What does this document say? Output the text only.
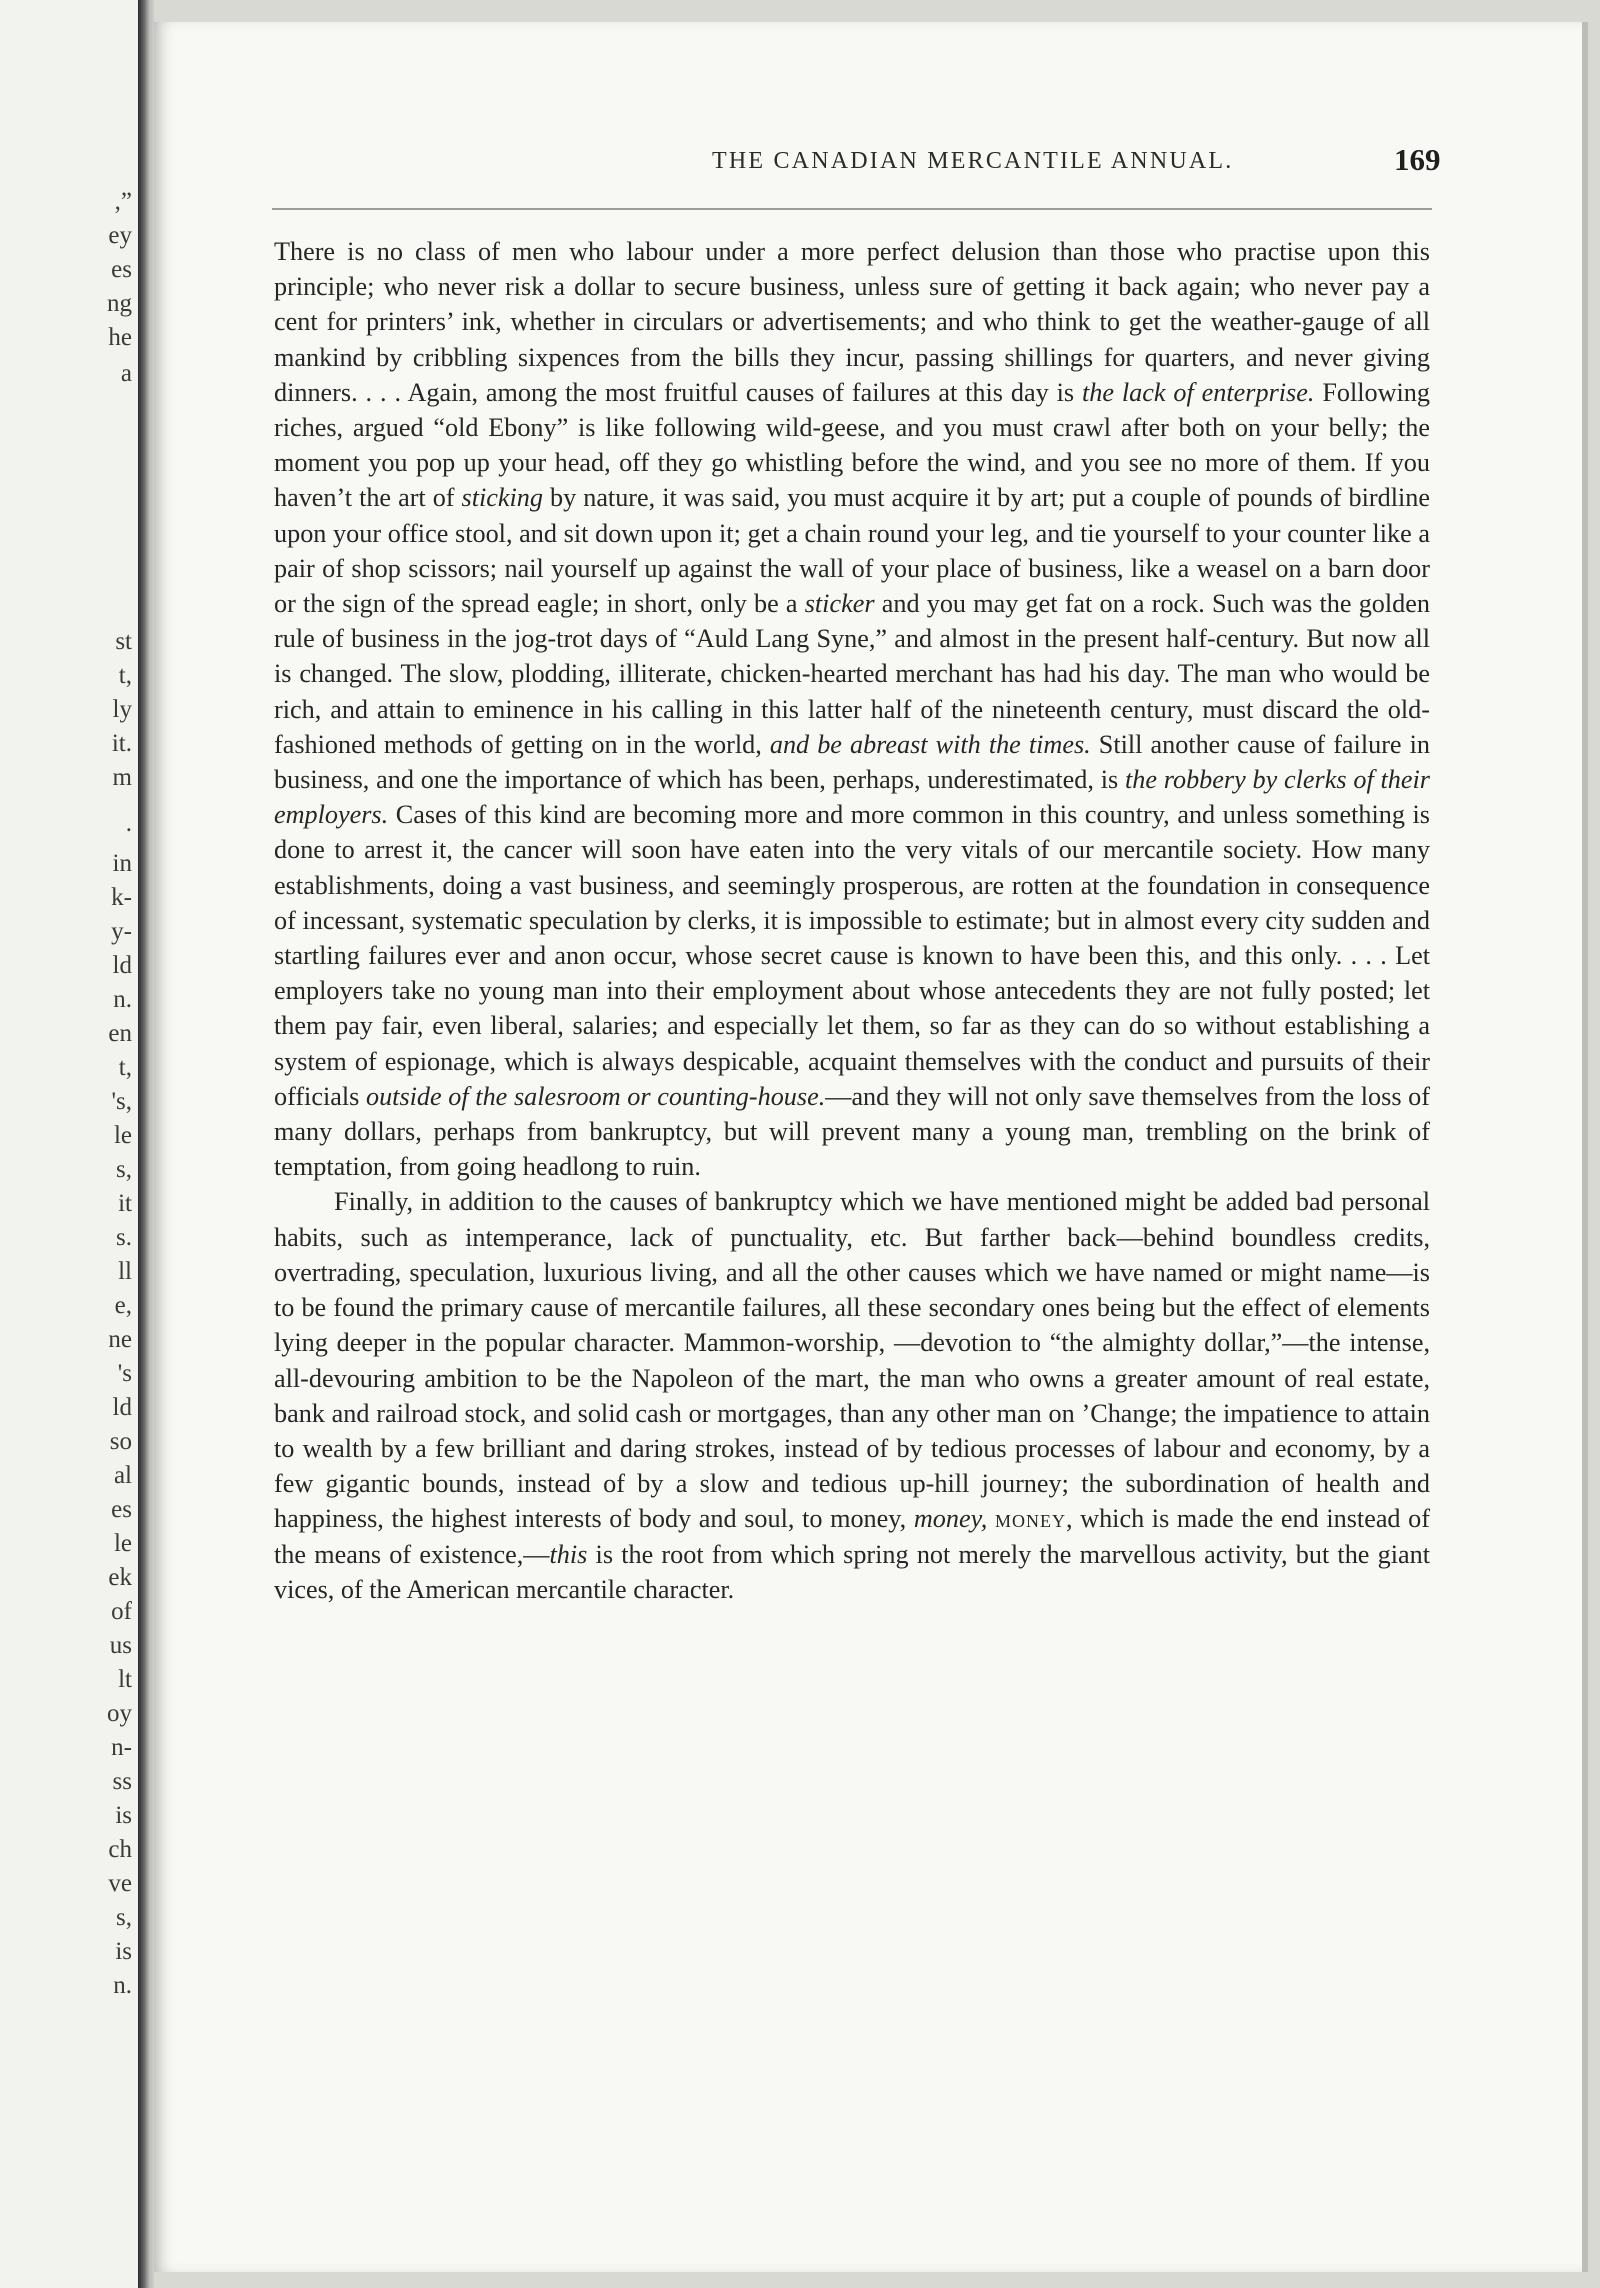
,”
ey
es
ng
he
a
st
t,
ly
it.
m
.
in
k-
y-
ld
n.
en
t,
's,
le
s,
it
s.
ll
e,
ne
's
ld
so
al
es
le
ek
of
us
lt
oy
n-
ss
is
ch
ve
s,
is
n.
THE CANADIAN MERCANTILE ANNUAL.	169

There is no class of men who labour under a more perfect delusion than those who practise upon this principle; who never risk a dollar to secure business, unless sure of getting it back again; who never pay a cent for printers’ ink, whether in circulars or advertisements; and who think to get the weather-gauge of all mankind by cribbling sixpences from the bills they incur, passing shillings for quarters, and never giving dinners. . . . Again, among the most fruitful causes of failures at this day is the lack of enterprise. Following riches, argued “old Ebony” is like following wild-geese, and you must crawl after both on your belly; the moment you pop up your head, off they go whistling before the wind, and you see no more of them. If you haven’t the art of sticking by nature, it was said, you must acquire it by art; put a couple of pounds of birdline upon your office stool, and sit down upon it; get a chain round your leg, and tie yourself to your counter like a pair of shop scissors; nail yourself up against the wall of your place of business, like a weasel on a barn door or the sign of the spread eagle; in short, only be a sticker and you may get fat on a rock. Such was the golden rule of business in the jog-trot days of “Auld Lang Syne,” and almost in the present half-century. But now all is changed. The slow, plodding, illiterate, chicken-hearted merchant has had his day. The man who would be rich, and attain to eminence in his calling in this latter half of the nineteenth century, must discard the old-fashioned methods of getting on in the world, and be abreast with the times. Still another cause of failure in business, and one the importance of which has been, perhaps, underestimated, is the robbery by clerks of their employers. Cases of this kind are becoming more and more common in this country, and unless something is done to arrest it, the cancer will soon have eaten into the very vitals of our mercantile society. How many establishments, doing a vast business, and seemingly prosperous, are rotten at the foundation in consequence of incessant, systematic speculation by clerks, it is impossible to estimate; but in almost every city sudden and startling failures ever and anon occur, whose secret cause is known to have been this, and this only. . . . Let employers take no young man into their employment about whose antecedents they are not fully posted; let them pay fair, even liberal, salaries; and especially let them, so far as they can do so without establishing a system of espionage, which is always despicable, acquaint themselves with the conduct and pursuits of their officials outside of the salesroom or counting-house.—and they will not only save themselves from the loss of many dollars, perhaps from bankruptcy, but will prevent many a young man, trembling on the brink of temptation, from going headlong to ruin.

Finally, in addition to the causes of bankruptcy which we have mentioned might be added bad personal habits, such as intemperance, lack of punctuality, etc. But farther back—behind boundless credits, overtrading, speculation, luxurious living, and all the other causes which we have named or might name—is to be found the primary cause of mercantile failures, all these secondary ones being but the effect of elements lying deeper in the popular character. Mammon-worship, —devotion to “the almighty dollar,”—the intense, all-devouring ambition to be the Napoleon of the mart, the man who owns a greater amount of real estate, bank and railroad stock, and solid cash or mortgages, than any other man on ’Change; the impatience to attain to wealth by a few brilliant and daring strokes, instead of by tedious processes of labour and economy, by a few gigantic bounds, instead of by a slow and tedious up-hill journey; the subordination of health and happiness, the highest interests of body and soul, to money, money, money, which is made the end instead of the means of existence,—this is the root from which spring not merely the marvellous activity, but the giant vices, of the American mercantile character.
